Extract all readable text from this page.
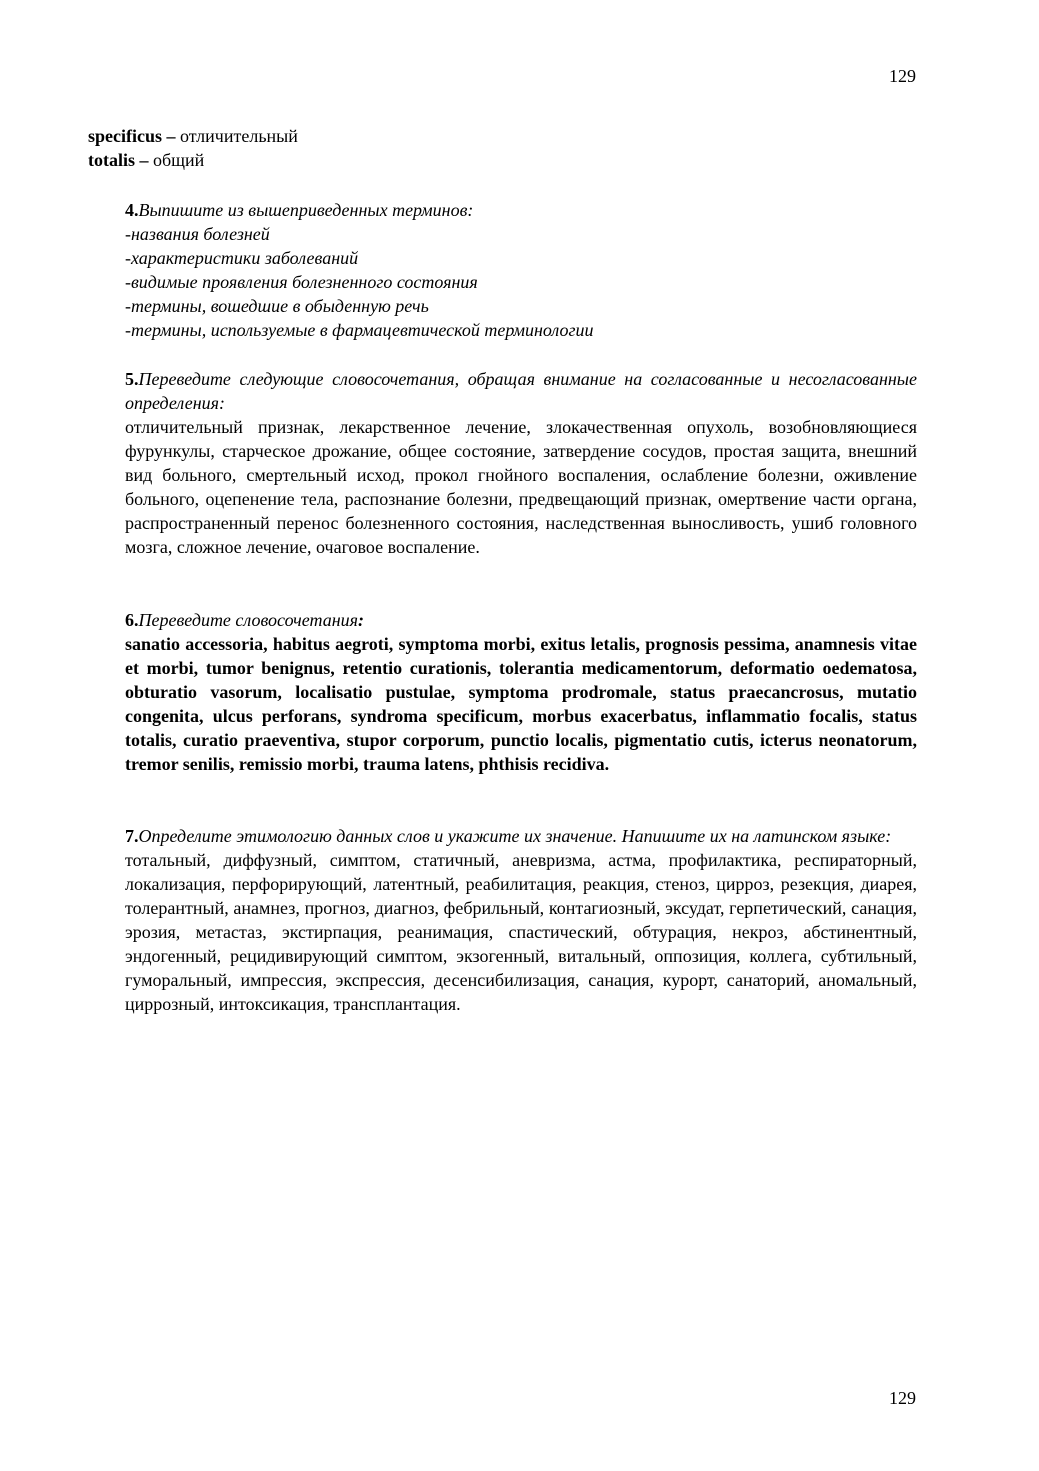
129
specificus – отличительный
totalis – общий
4.Выпишите из вышеприведенных терминов:
-названия болезней
-характеристики заболеваний
-видимые проявления болезненного состояния
-термины, вошедшие в обыденную речь
-термины, используемые в фармацевтической терминологии
5.Переведите следующие словосочетания, обращая внимание на согласованные и несогласованные определения:
отличительный признак, лекарственное лечение, злокачественная опухоль, возобновляющиеся фурункулы, старческое дрожание, общее состояние, затвердение сосудов, простая защита, внешний вид больного, смертельный исход, прокол гнойного воспаления, ослабление болезни, оживление больного, оцепенение тела, распознание болезни, предвещающий признак, омертвение части органа, распространенный перенос болезненного состояния, наследственная выносливость, ушиб головного мозга, сложное лечение, очаговое воспаление.
6.Переведите словосочетания:
sanatio accessoria, habitus aegroti, symptoma morbi, exitus letalis, prognosis pessima, anamnesis vitae et morbi, tumor benignus, retentio curationis, tolerantia medicamentorum, deformatio oedematosa, obturatio vasorum, localisatio pustulae, symptoma prodromale, status praecancrosus, mutatio congenita, ulcus perforans, syndroma specificum, morbus exacerbatus, inflammatio focalis, status totalis, curatio praeventiva, stupor corporum, punctio localis, pigmentatio cutis, icterus neonatorum, tremor senilis, remissio morbi, trauma latens, phthisis recidiva.
7.Определите этимологию данных слов и укажите их значение. Напишите их на латинском языке:
тотальный, диффузный, симптом, статичный, аневризма, астма, профилактика, респираторный, локализация, перфорирующий, латентный, реабилитация, реакция, стеноз, цирроз, резекция, диарея, толерантный, анамнез, прогноз, диагноз, фебрильный, контагиозный, эксудат, герпетический, санация, эрозия, метастаз, экстирпация, реанимация, спастический, обтурация, некроз, абстинентный, эндогенный, рецидивирующий симптом, экзогенный, витальный, оппозиция, коллега, субтильный, гуморальный, импрессия, экспрессия, десенсибилизация, санация, курорт, санаторий, аномальный, циррозный, интоксикация, трансплантация.
129
